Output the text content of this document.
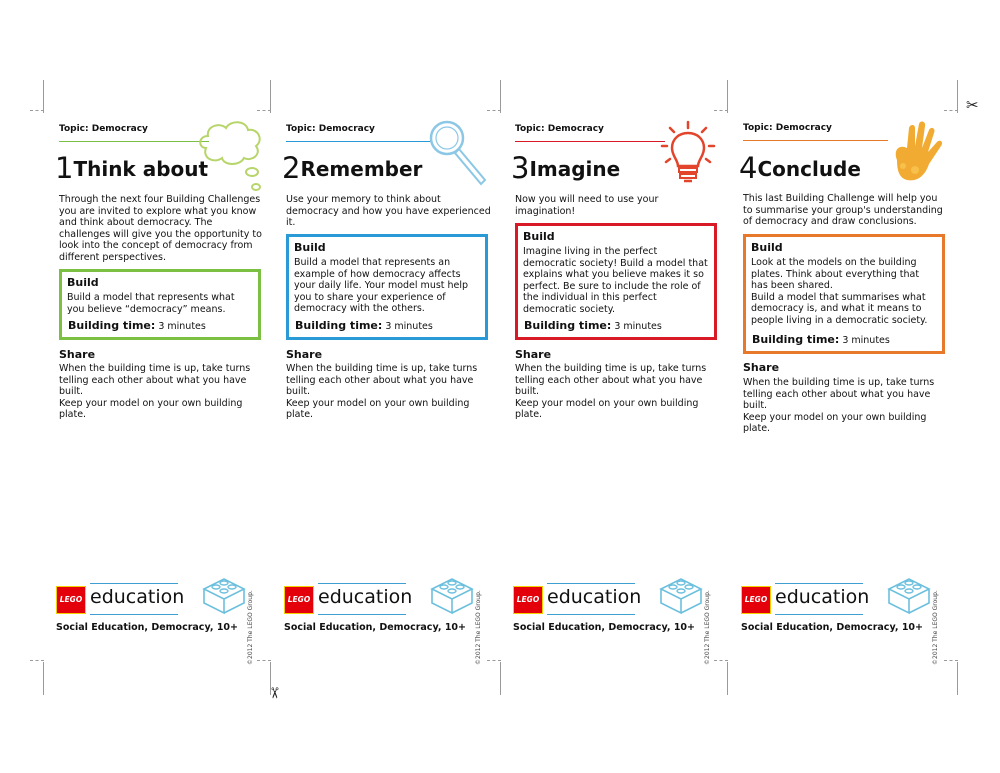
✂
✂
Topic: Democracy
1Think about
Through the next four Building Challenges you are invited to explore what you know and think about democracy. The challenges will give you the opportunity to look into the concept of democracy from different perspectives.
Build

Build a model that represents what you believe “democracy” means.

Building time: 3 minutes
Share
When the building time is up, take turns telling each other about what you have built.
Keep your model on your own building plate.
LEGO education
Social Education, Democracy, 10+ ©2012 The LEGO Group.
Topic: Democracy
2Remember
Use your memory to think about democracy and how you have experienced it.
Build

Build a model that represents an example of how democracy affects your daily life. Your model must help you to share your experience of democracy with the others.

Building time: 3 minutes
Share
When the building time is up, take turns telling each other about what you have built.
Keep your model on your own building plate.
LEGO education
Social Education, Democracy, 10+ ©2012 The LEGO Group.
Topic: Democracy
3Imagine
Now you will need to use your imagination!
Build

Imagine living in the perfect democratic society! Build a model that explains what you believe makes it so perfect. Be sure to include the role of the individual in this perfect democratic society.

Building time: 3 minutes
Share
When the building time is up, take turns telling each other about what you have built.
Keep your model on your own building plate.
LEGO education
Social Education, Democracy, 10+ ©2012 The LEGO Group.
Topic: Democracy
4Conclude
This last Building Challenge will help you to summarise your group's understanding of democracy and draw conclusions.
Build

Look at the models on the building plates. Think about everything that has been shared.

Build a model that summarises what democracy is, and what it means to people living in a democratic society.

Building time: 3 minutes
Share
When the building time is up, take turns telling each other about what you have built.
Keep your model on your own building plate.
LEGO education
Social Education, Democracy, 10+ ©2012 The LEGO Group.
